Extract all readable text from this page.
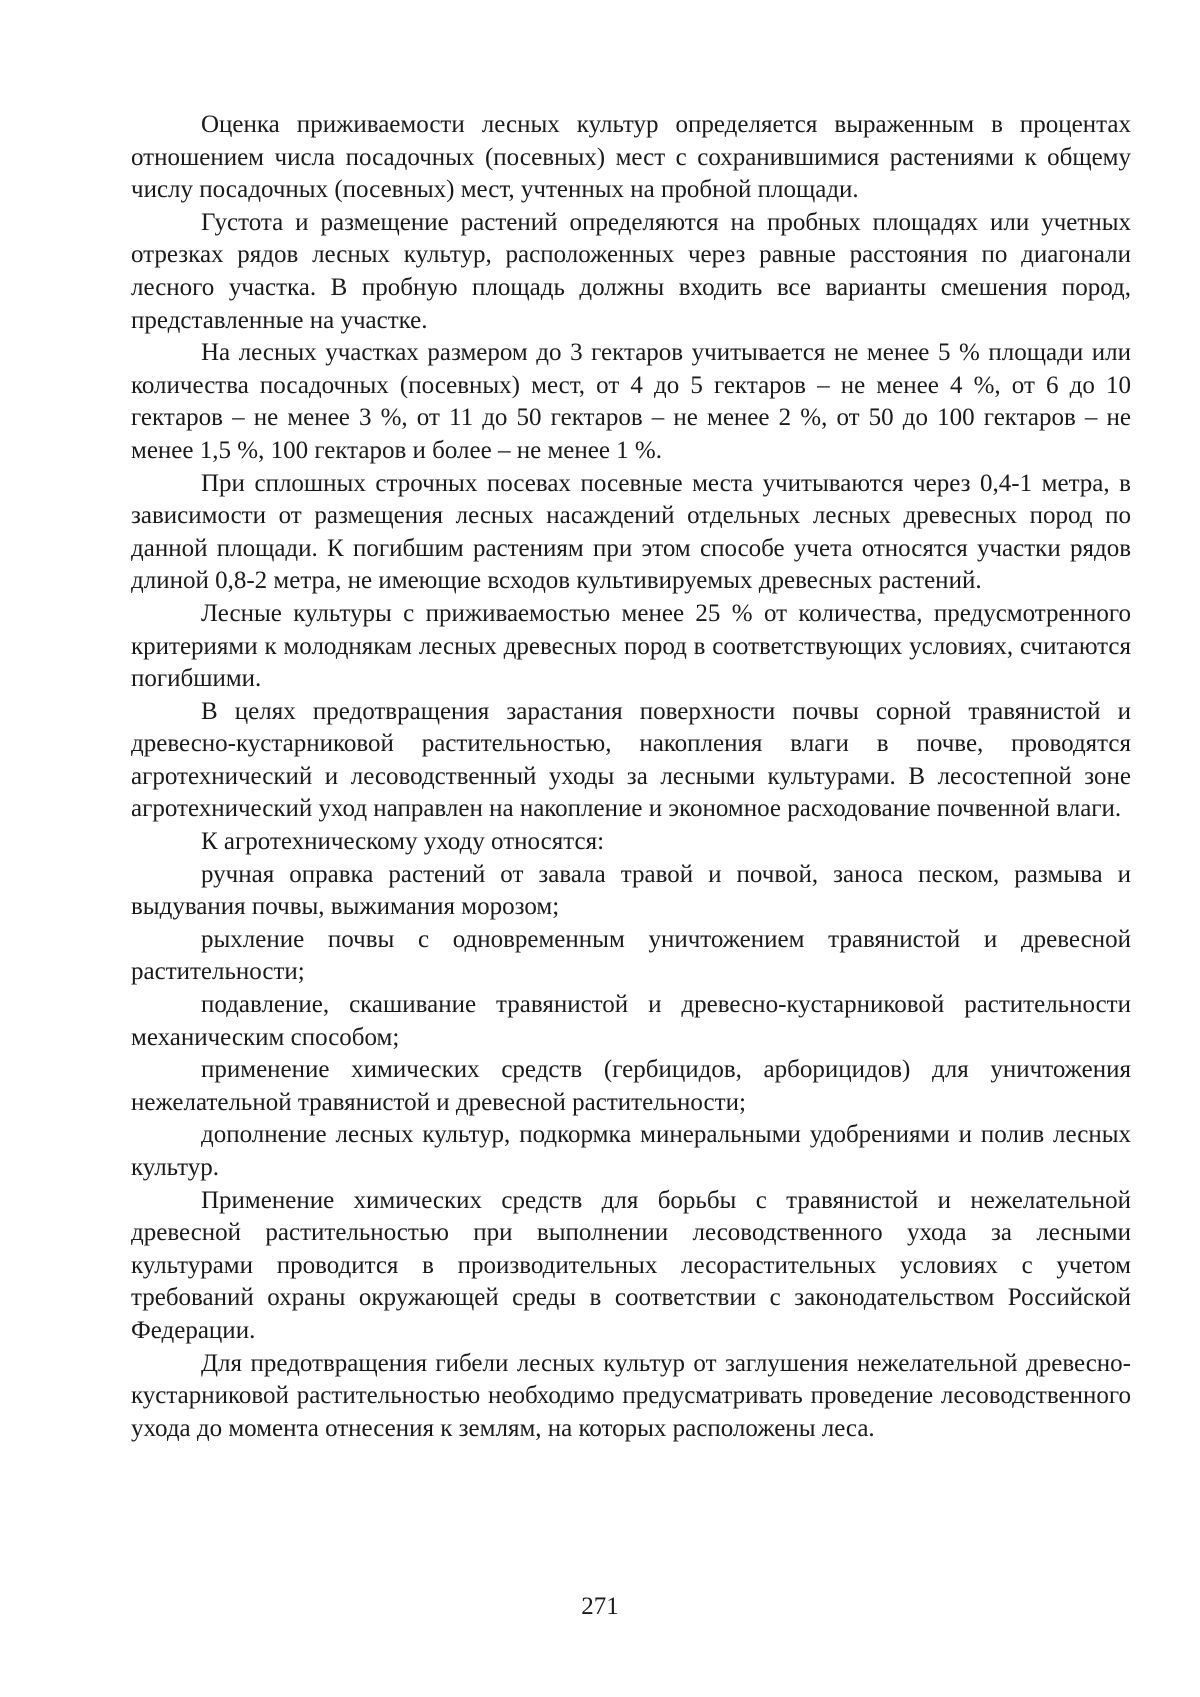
Оценка приживаемости лесных культур определяется выраженным в процентах отношением числа посадочных (посевных) мест с сохранившимися растениями к общему числу посадочных (посевных) мест, учтенных на пробной площади.

Густота и размещение растений определяются на пробных площадях или учетных отрезках рядов лесных культур, расположенных через равные расстояния по диагонали лесного участка. В пробную площадь должны входить все варианты смешения пород, представленные на участке.

На лесных участках размером до 3 гектаров учитывается не менее 5 % площади или количества посадочных (посевных) мест, от 4 до 5 гектаров – не менее 4 %, от 6 до 10 гектаров – не менее 3 %, от 11 до 50 гектаров – не менее 2 %, от 50 до 100 гектаров – не менее 1,5 %, 100 гектаров и более – не менее 1 %.

При сплошных строчных посевах посевные места учитываются через 0,4-1 метра, в зависимости от размещения лесных насаждений отдельных лесных древесных пород по данной площади. К погибшим растениям при этом способе учета относятся участки рядов длиной 0,8-2 метра, не имеющие всходов культивируемых древесных растений.

Лесные культуры с приживаемостью менее 25 % от количества, предусмотренного критериями к молоднякам лесных древесных пород в соответствующих условиях, считаются погибшими.

В целях предотвращения зарастания поверхности почвы сорной травянистой и древесно-кустарниковой растительностью, накопления влаги в почве, проводятся агротехнический и лесоводственный уходы за лесными культурами. В лесостепной зоне агротехнический уход направлен на накопление и экономное расходование почвенной влаги.

К агротехническому уходу относятся:

ручная оправка растений от завала травой и почвой, заноса песком, размыва и выдувания почвы, выжимания морозом;

рыхление почвы с одновременным уничтожением травянистой и древесной растительности;

подавление, скашивание травянистой и древесно-кустарниковой растительности механическим способом;

применение химических средств (гербицидов, арборицидов) для уничтожения нежелательной травянистой и древесной растительности;

дополнение лесных культур, подкормка минеральными удобрениями и полив лесных культур.

Применение химических средств для борьбы с травянистой и нежелательной древесной растительностью при выполнении лесоводственного ухода за лесными культурами проводится в производительных лесорастительных условиях с учетом требований охраны окружающей среды в соответствии с законодательством Российской Федерации.

Для предотвращения гибели лесных культур от заглушения нежелательной древесно-кустарниковой растительностью необходимо предусматривать проведение лесоводственного ухода до момента отнесения к землям, на которых расположены леса.

271
